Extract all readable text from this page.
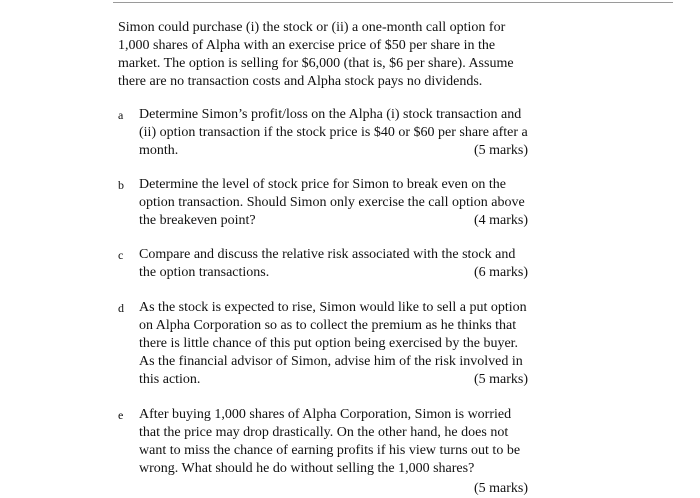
Simon could purchase (i) the stock or (ii) a one-month call option for
1,000 shares of Alpha with an exercise price of $50 per share in the
market. The option is selling for $6,000 (that is, $6 per share). Assume
there are no transaction costs and Alpha stock pays no dividends.

a	Determine Simon’s profit/loss on the Alpha (i) stock transaction and
(ii) option transaction if the stock price is $40 or $60 per share after a
month.	(5 marks)
b	Determine the level of stock price for Simon to break even on the
option transaction. Should Simon only exercise the call option above
the breakeven point?	(4 marks)
c	Compare and discuss the relative risk associated with the stock and
the option transactions.	(6 marks)
d	As the stock is expected to rise, Simon would like to sell a put option
on Alpha Corporation so as to collect the premium as he thinks that
there is little chance of this put option being exercised by the buyer.
As the financial advisor of Simon, advise him of the risk involved in
this action.	(5 marks)
e	After buying 1,000 shares of Alpha Corporation, Simon is worried
that the price may drop drastically. On the other hand, he does not
want to miss the chance of earning profits if his view turns out to be
wrong. What should he do without selling the 1,000 shares?
(5 marks)
